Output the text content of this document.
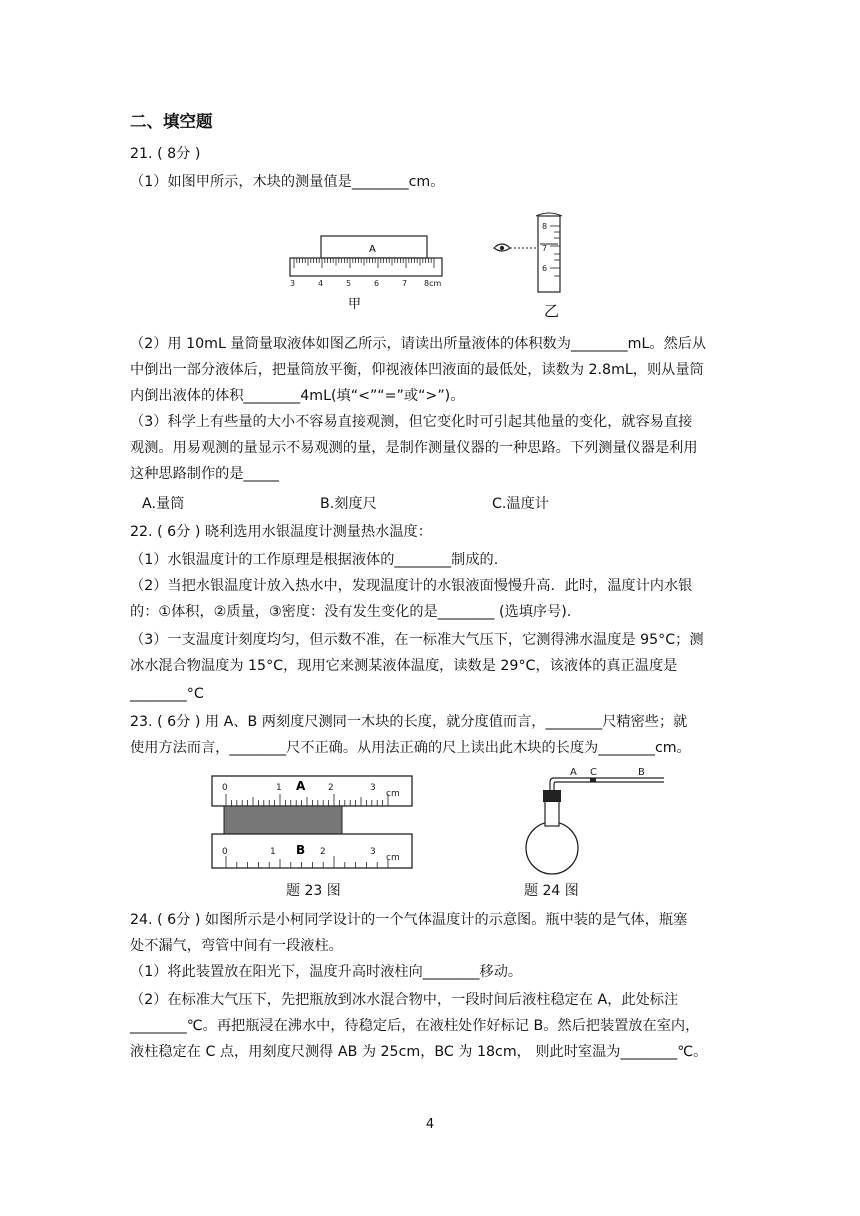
二、填空题
21. ( 8分 )
（1）如图甲所示，木块的测量值是________cm。
A
3	4	5	6	7 8cm
甲
8
7
6
乙
（2）用 10mL 量筒量取液体如图乙所示，请读出所量液体的体积数为________mL。然后从
中倒出一部分液体后，把量筒放平衡，仰视液体凹液面的最低处，读数为 2.8mL，则从量筒
内倒出液体的体积________4mL(填“<”“=”或“>”)。
（3）科学上有些量的大小不容易直接观测，但它变化时可引起其他量的变化，就容易直接
观测。用易观测的量显示不易观测的量，是制作测量仪器的一种思路。下列测量仪器是利用
这种思路制作的是_____
A.量筒	B.刻度尺	C.温度计
22. ( 6分 ) 晓利选用水银温度计测量热水温度：
（1）水银温度计的工作原理是根据液体的________制成的.
（2）当把水银温度计放入热水中，发现温度计的水银液面慢慢升高．此时，温度计内水银
的：①体积，②质量，③密度：没有发生变化的是________ (选填序号).
（3）一支温度计刻度均匀，但示数不准，在一标准大气压下，它测得沸水温度是 95°C；测
冰水混合物温度为 15°C，现用它来测某液体温度，读数是 29°C，该液体的真正温度是
________°C
23. ( 6分 ) 用 A、B 两刻度尺测同一木块的长度，就分度值而言，________尺精密些；就
使用方法而言，________尺不正确。从用法正确的尺上读出此木块的长度为________cm。
0	1	2	3
cm
0	1	2	3
cm
A
B
题 23 图
A C	B
题 24 图
24. ( 6分 ) 如图所示是小柯同学设计的一个气体温度计的示意图。瓶中装的是气体，瓶塞
处不漏气，弯管中间有一段液柱。
（1）将此装置放在阳光下，温度升高时液柱向________移动。
（2）在标准大气压下，先把瓶放到冰水混合物中，一段时间后液柱稳定在 A，此处标注
________℃。再把瓶浸在沸水中，待稳定后，在液柱处作好标记 B。然后把装置放在室内，
液柱稳定在 C 点，用刻度尺测得 AB 为 25cm，BC 为 18cm， 则此时室温为________℃。
4
